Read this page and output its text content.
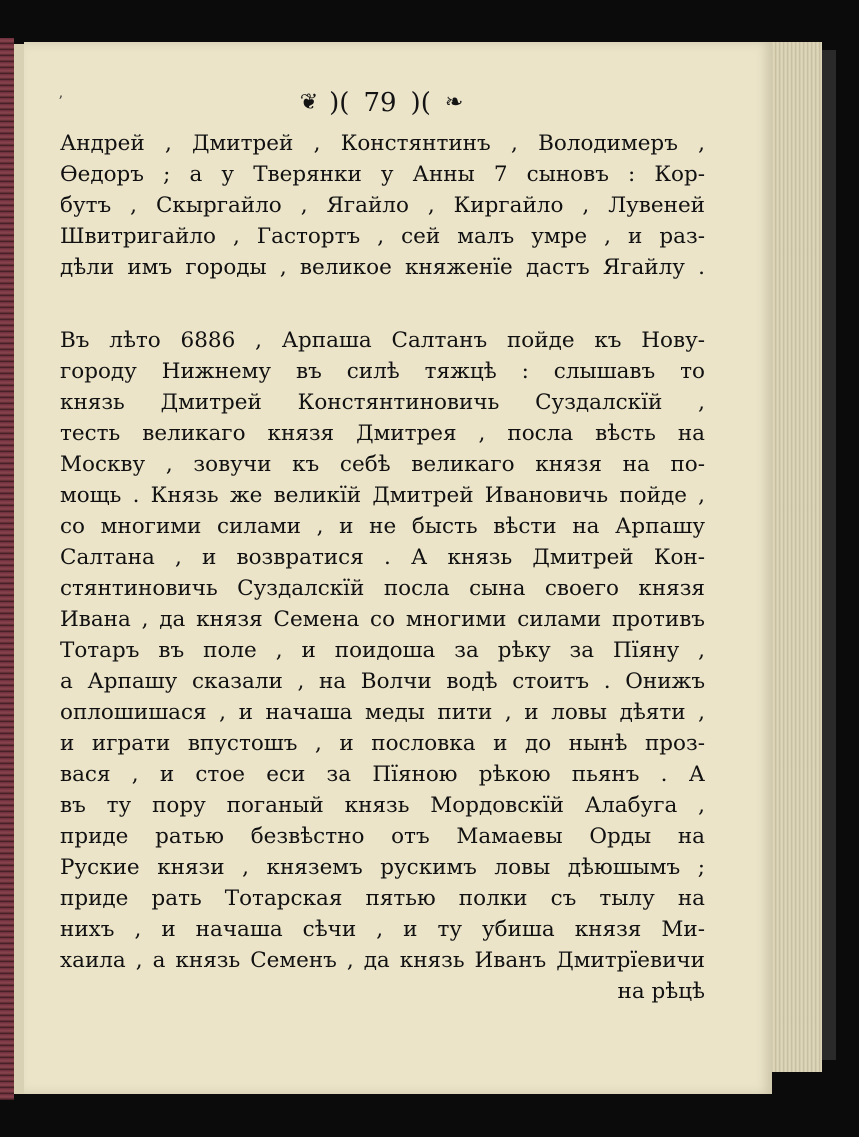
ʼ	❦ )( 79 )( ❧
Андрей , Дмитрей , Констянтинъ , Володимеръ ,
Ѳедоръ ; а у Тверянки у Анны 7 сыновъ : Кор-
бутъ , Скыргайло , Ягайло , Киргайло , Лувеней
Швитригайло , Гастортъ , сей малъ умре , и раз-
дѣли имъ городы , великое княженїе дастъ Ягайлу .
Въ лѣто 6886 , Арпаша Салтанъ пойде къ Нову-
городу Нижнему въ силѣ тяжцѣ : слышавъ то
князь Дмитрей Констянтиновичь Суздалскїй ,
тесть великаго князя Дмитрея , посла вѣсть на
Москву , зовучи къ себѣ великаго князя на по-
мощь . Князь же великїй Дмитрей Ивановичь пойде ,
со многими силами , и не бысть вѣсти на Арпашу
Салтана , и возвратися . А князь Дмитрей Кон-
стянтиновичь Суздалскїй посла сына своего князя
Ивана , да князя Семена со многими силами противъ
Тотаръ въ поле , и поидоша за рѣку за Пїяну ,
а Арпашу сказали , на Волчи водѣ стоитъ . Онижъ
оплошишася , и начаша меды пити , и ловы дѣяти ,
и играти впустошъ , и пословка и до нынѣ проз-
вася , и стое еси за Пїяною рѣкою пьянъ . А
въ ту пору поганый князь Мордовскїй Алабуга ,
приде ратью безвѣстно отъ Мамаевы Орды на
Руские князи , княземъ рускимъ ловы дѣюшымъ ;
приде рать Тотарская пятью полки съ тылу на
нихъ , и начаша сѣчи , и ту убиша князя Ми-
хаила , а князь Семенъ , да князь Иванъ Дмитрїевичи
на рѣцѣ
